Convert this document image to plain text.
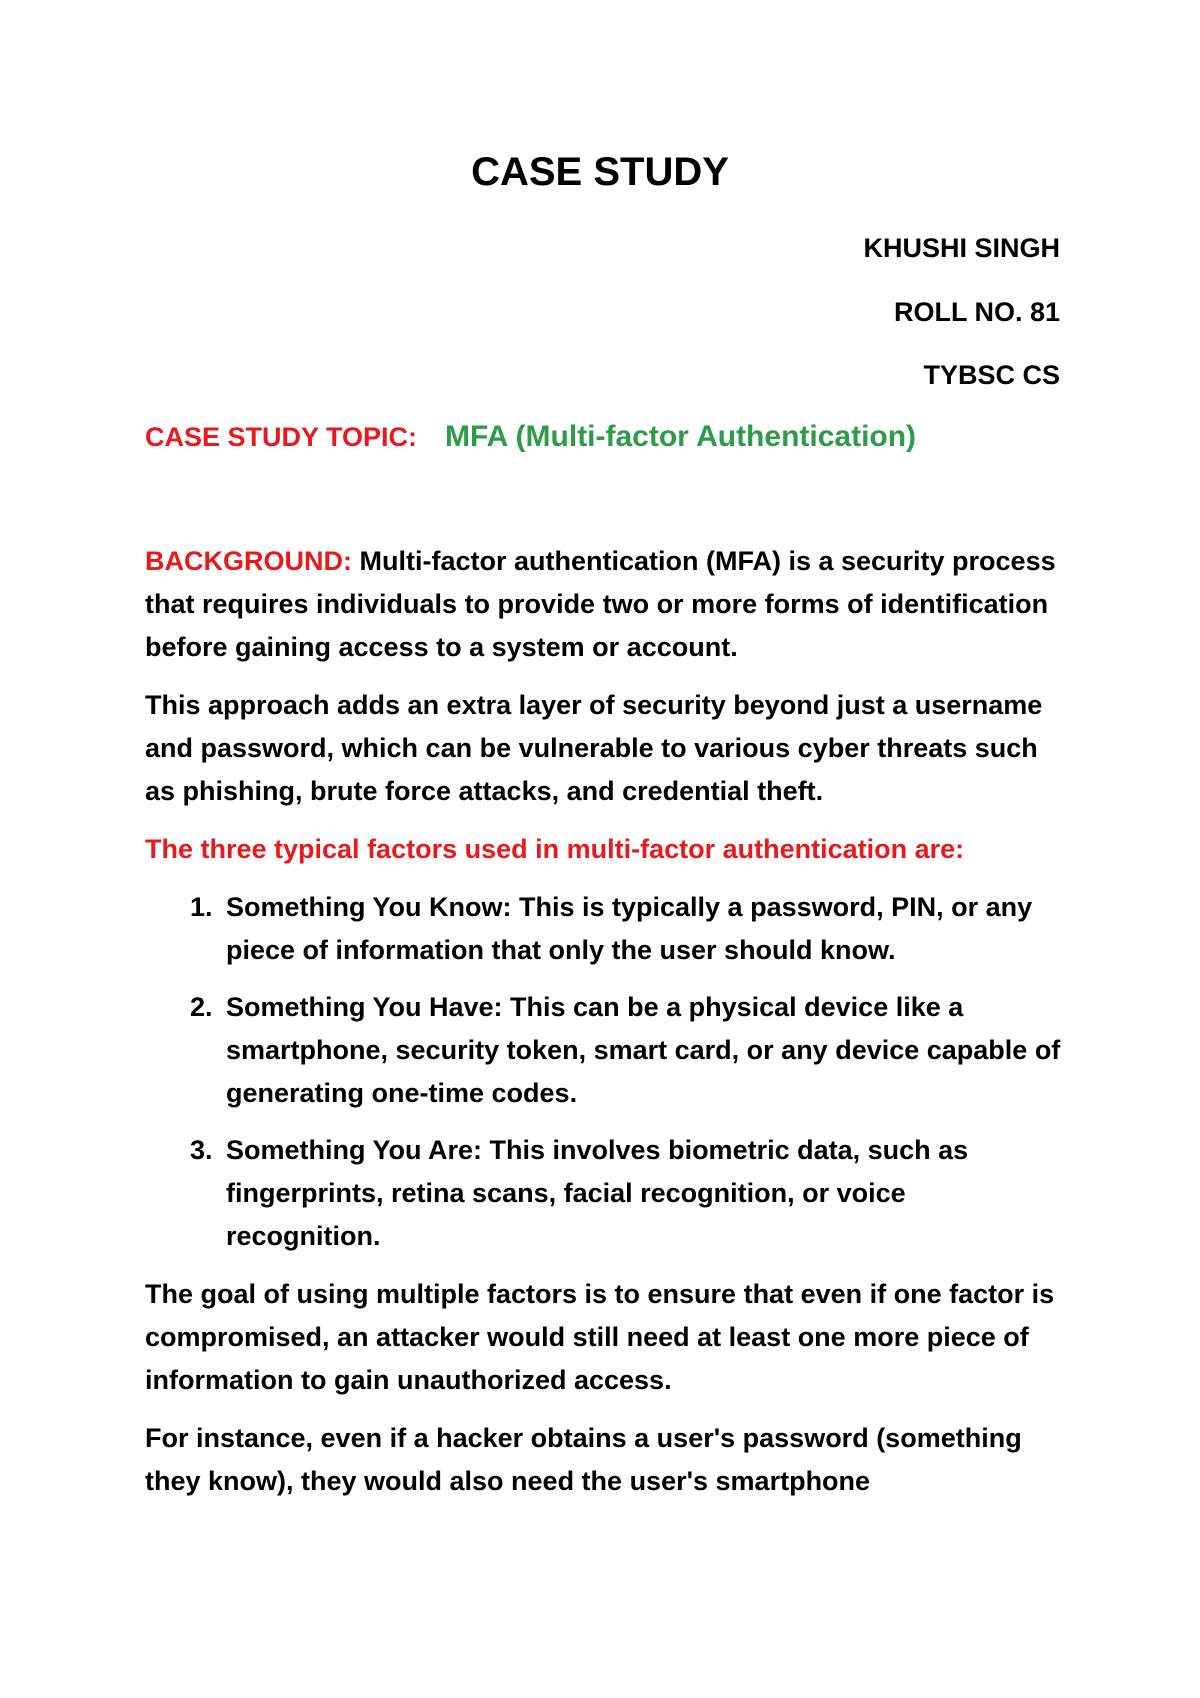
CASE STUDY
KHUSHI SINGH
ROLL NO. 81
TYBSC CS
CASE STUDY TOPIC: MFA (Multi-factor Authentication)

BACKGROUND: Multi-factor authentication (MFA) is a security process that requires individuals to provide two or more forms of identification before gaining access to a system or account.

This approach adds an extra layer of security beyond just a username and password, which can be vulnerable to various cyber threats such as phishing, brute force attacks, and credential theft.

The three typical factors used in multi-factor authentication are:

1. Something You Know: This is typically a password, PIN, or any piece of information that only the user should know.
2. Something You Have: This can be a physical device like a smartphone, security token, smart card, or any device capable of generating one-time codes.
3. Something You Are: This involves biometric data, such as fingerprints, retina scans, facial recognition, or voice recognition.

The goal of using multiple factors is to ensure that even if one factor is compromised, an attacker would still need at least one more piece of information to gain unauthorized access.

For instance, even if a hacker obtains a user's password (something they know), they would also need the user's smartphone
